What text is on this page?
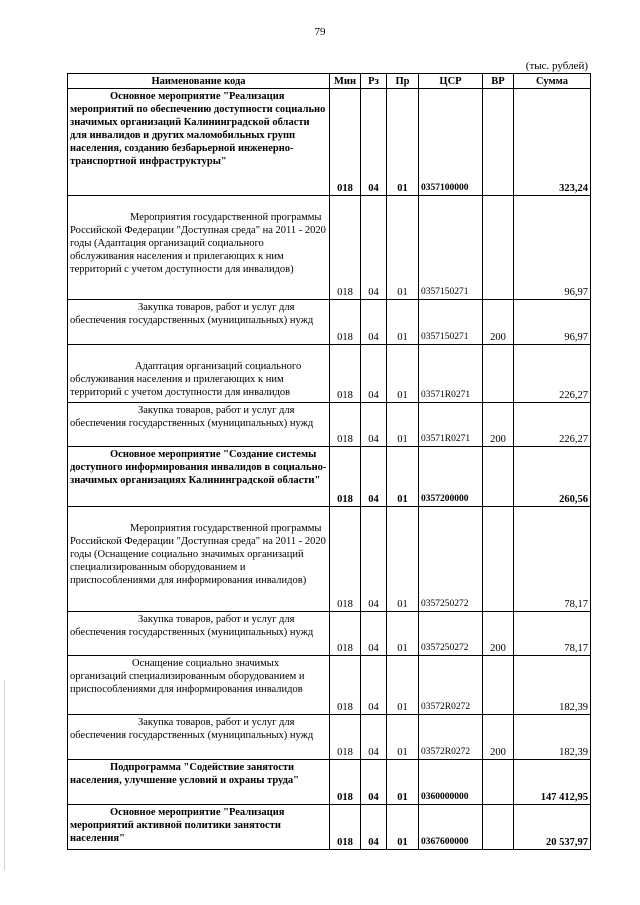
79
(тыс. рублей)
Наименование кода	Мин	Рз	Пр	ЦСР	ВР	Сумма
Основное мероприятие "Реализация мероприятий по обеспечению доступности социально значимых организаций Калининградской области для инвалидов и других маломобильных групп населения, созданию безбарьерной инженерно-транспортной инфраструктуры"	018	04	01	0357100000		323,24
Мероприятия государственной программы Российской Федерации "Доступная среда" на 2011 - 2020 годы (Адаптация организаций социального обслуживания населения и прилегающих к ним территорий с учетом доступности для инвалидов)	018	04	01	0357150271		96,97
Закупка товаров, работ и услуг для обеспечения государственных (муниципальных) нужд	018	04	01	0357150271	200	96,97
Адаптация организаций социального обслуживания населения и прилегающих к ним территорий с учетом доступности для инвалидов	018	04	01	03571R0271		226,27
Закупка товаров, работ и услуг для обеспечения государственных (муниципальных) нужд	018	04	01	03571R0271	200	226,27
Основное мероприятие "Создание системы доступного информирования инвалидов в социально-значимых организациях Калининградской области"	018	04	01	0357200000		260,56
Мероприятия государственной программы Российской Федерации "Доступная среда" на 2011 - 2020 годы (Оснащение социально значимых организаций специализированным оборудованием и приспособлениями для информирования инвалидов)	018	04	01	0357250272		78,17
Закупка товаров, работ и услуг для обеспечения государственных (муниципальных) нужд	018	04	01	0357250272	200	78,17
Оснащение социально значимых организаций специализированным оборудованием и приспособлениями для информирования инвалидов	018	04	01	03572R0272		182,39
Закупка товаров, работ и услуг для обеспечения государственных (муниципальных) нужд	018	04	01	03572R0272	200	182,39
Подпрограмма "Содействие занятости населения, улучшение условий и охраны труда"	018	04	01	0360000000		147 412,95
Основное мероприятие "Реализация мероприятий активной политики занятости населения"	018	04	01	0367600000		20 537,97
